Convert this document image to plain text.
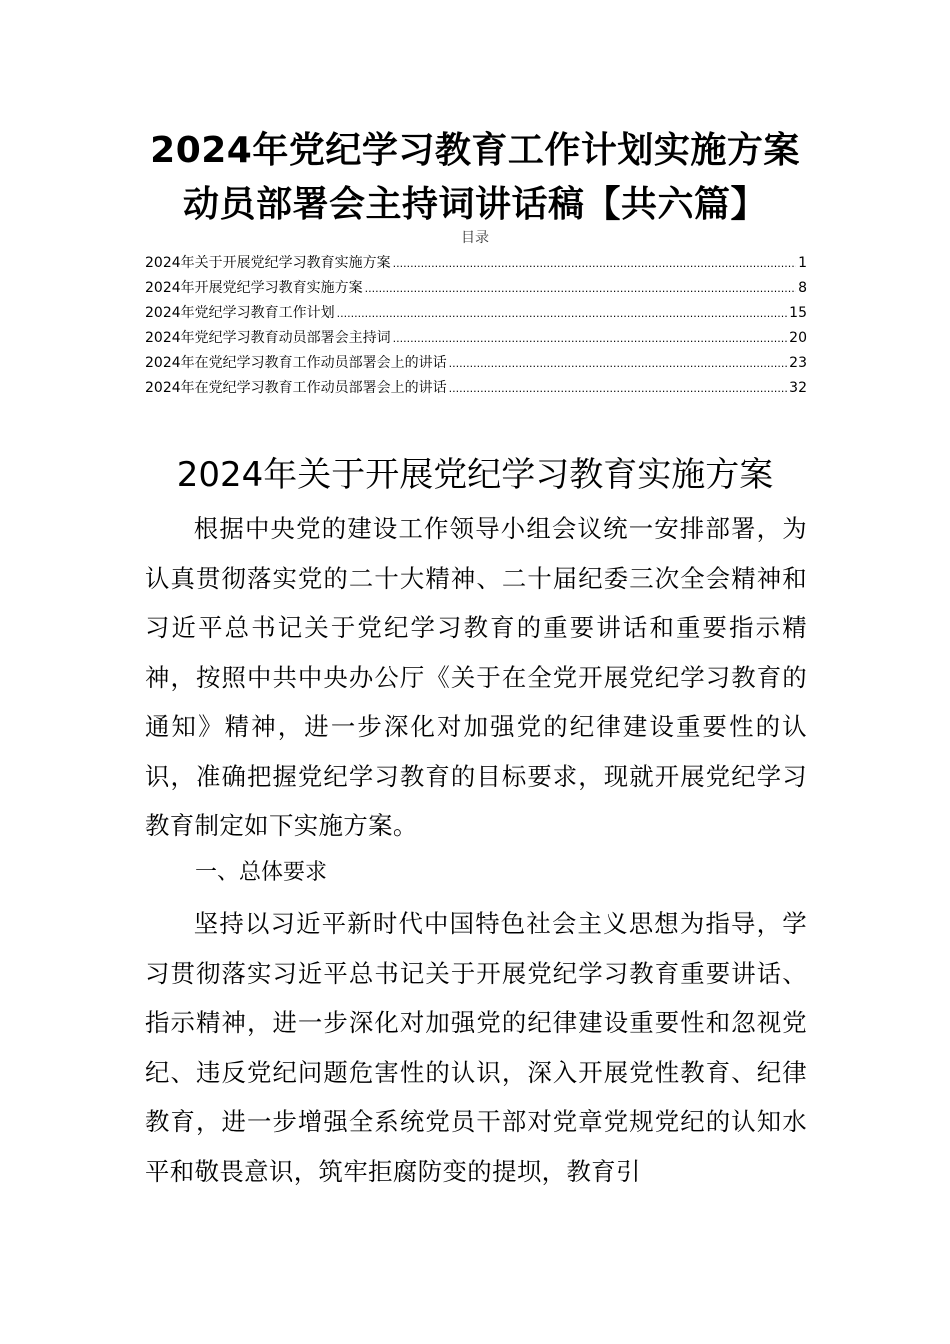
2024年党纪学习教育工作计划实施方案
动员部署会主持词讲话稿【共六篇】
目录
2024年关于开展党纪学习教育实施方案 .....	1
2024年开展党纪学习教育实施方案 .....	8
2024年党纪学习教育工作计划 .....	15
2024年党纪学习教育动员部署会主持词 .....	20
2024年在党纪学习教育工作动员部署会上的讲话 .....	23
2024年在党纪学习教育工作动员部署会上的讲话 .....	32
2024年关于开展党纪学习教育实施方案
根据中央党的建设工作领导小组会议统一安排部署，为认真贯彻落实党的二十大精神、二十届纪委三次全会精神和习近平总书记关于党纪学习教育的重要讲话和重要指示精神，按照中共中央办公厅《关于在全党开展党纪学习教育的通知》精神，进一步深化对加强党的纪律建设重要性的认识，准确把握党纪学习教育的目标要求，现就开展党纪学习教育制定如下实施方案。
一、总体要求
坚持以习近平新时代中国特色社会主义思想为指导，学习贯彻落实习近平总书记关于开展党纪学习教育重要讲话、指示精神，进一步深化对加强党的纪律建设重要性和忽视党纪、违反党纪问题危害性的认识，深入开展党性教育、纪律教育，进一步增强全系统党员干部对党章党规党纪的认知水平和敬畏意识，筑牢拒腐防变的提坝，教育引
